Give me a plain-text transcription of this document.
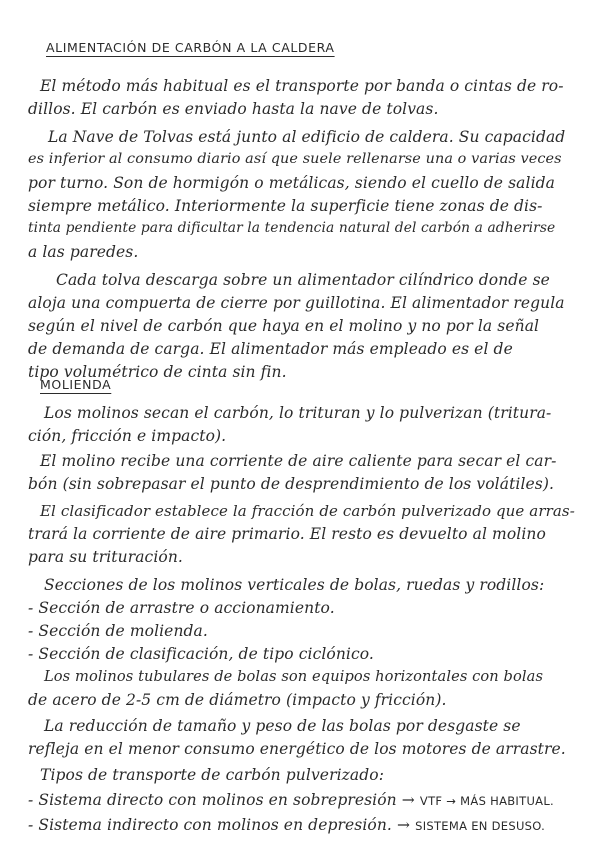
ALIMENTACIÓN DE CARBÓN A LA CALDERA
El método más habitual es el transporte por banda o cintas de ro-
dillos. El carbón es enviado hasta la nave de tolvas.
La Nave de Tolvas está junto al edificio de caldera. Su capacidad
es inferior al consumo diario así que suele rellenarse una o varias veces
por turno. Son de hormigón o metálicas, siendo el cuello de salida
siempre metálico. Interiormente la superficie tiene zonas de dis-
tinta pendiente para dificultar la tendencia natural del carbón a adherirse
a las paredes.
Cada tolva descarga sobre un alimentador cilíndrico donde se
aloja una compuerta de cierre por guillotina. El alimentador regula
según el nivel de carbón que haya en el molino y no por la señal
de demanda de carga. El alimentador más empleado es el de
tipo volumétrico de cinta sin fin.
MOLIENDA
Los molinos secan el carbón, lo trituran y lo pulverizan (tritura-
ción, fricción e impacto).
El molino recibe una corriente de aire caliente para secar el car-
bón (sin sobrepasar el punto de desprendimiento de los volátiles).
El clasificador establece la fracción de carbón pulverizado que arras-
trará la corriente de aire primario. El resto es devuelto al molino
para su trituración.
Secciones de los molinos verticales de bolas, ruedas y rodillos:
- Sección de arrastre o accionamiento.
- Sección de molienda.
- Sección de clasificación, de tipo ciclónico.
Los molinos tubulares de bolas son equipos horizontales con bolas
de acero de 2-5 cm de diámetro (impacto y fricción).
La reducción de tamaño y peso de las bolas por desgaste se
refleja en el menor consumo energético de los motores de arrastre.
Tipos de transporte de carbón pulverizado:
- Sistema directo con molinos en sobrepresión → VTF → MÁS HABITUAL.
- Sistema indirecto con molinos en depresión. → SISTEMA EN DESUSO.
